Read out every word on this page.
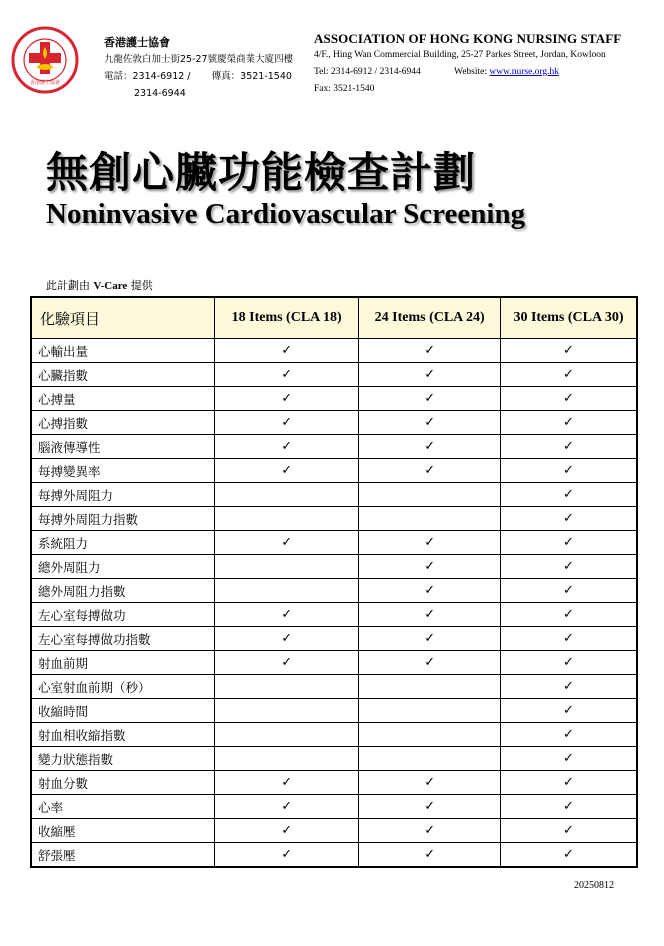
香港護士協會
香港護士協會
九龍佐敦白加士街25-27號慶榮商業大廈四樓
電話：2314-6912 / 傳真：3521-1540
2314-6944
ASSOCIATION OF HONG KONG NURSING STAFF
4/F., Hing Wan Commercial Building, 25-27 Parkes Street, Jordan, Kowloon
Tel: 2314-6912 / 2314-6944	Website: www.nurse.org.hk
Fax: 3521-1540
無創心臟功能檢查計劃
Noninvasive Cardiovascular Screening
此計劃由 V-Care 提供
化驗項目	18 Items (CLA 18)	24 Items (CLA 24)	30 Items (CLA 30)
心輸出量	✓	✓	✓
心臟指數	✓	✓	✓
心搏量	✓	✓	✓
心搏指數	✓	✓	✓
腦液傳導性	✓	✓	✓
每搏變異率	✓	✓	✓
每搏外周阻力			✓
每搏外周阻力指數			✓
系統阻力	✓	✓	✓
總外周阻力		✓	✓
總外周阻力指數		✓	✓
左心室每搏做功	✓	✓	✓
左心室每搏做功指數	✓	✓	✓
射血前期	✓	✓	✓
心室射血前期（秒）			✓
收縮時間			✓
射血相收縮指數			✓
變力狀態指數			✓
射血分數	✓	✓	✓
心率	✓	✓	✓
收縮壓	✓	✓	✓
舒張壓	✓	✓	✓
20250812
